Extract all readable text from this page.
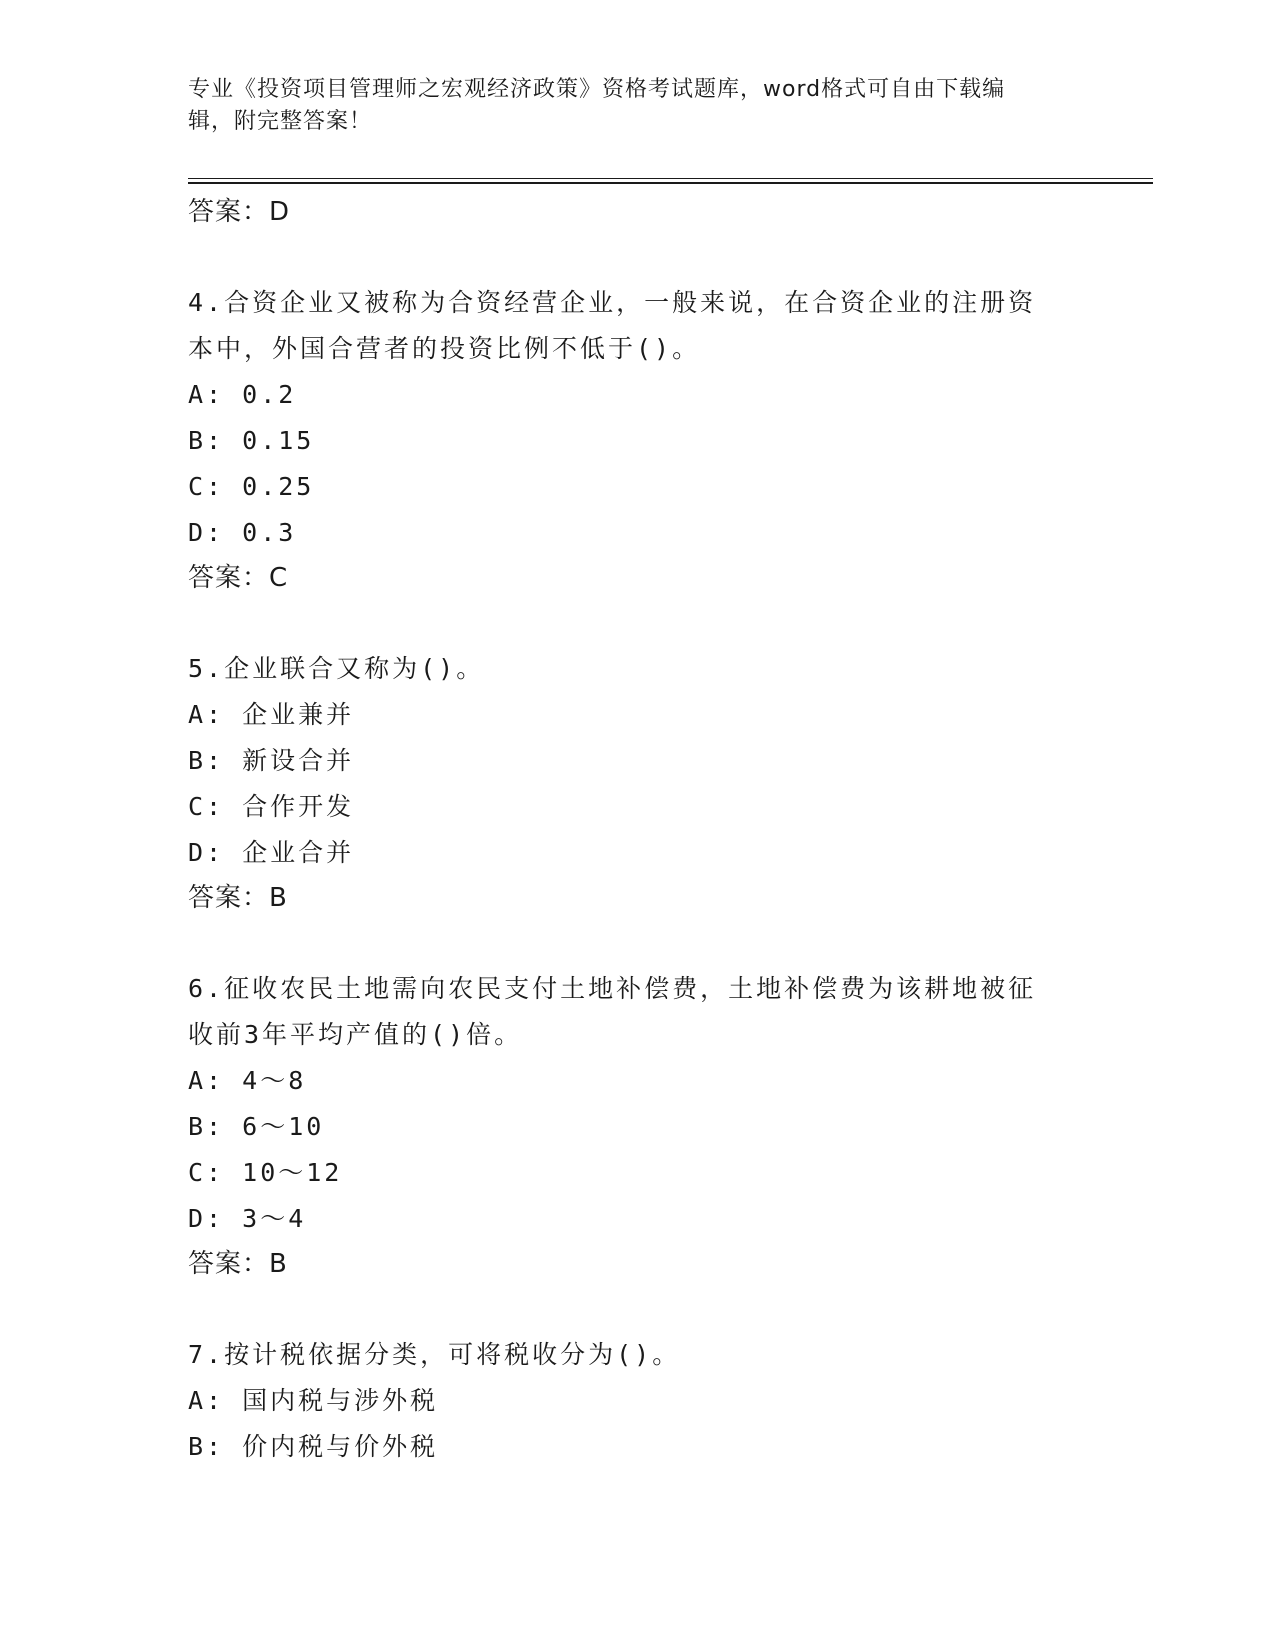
专业《投资项目管理师之宏观经济政策》资格考试题库，word格式可自由下载编
辑，附完整答案！
答案：D
4.合资企业又被称为合资经营企业，一般来说，在合资企业的注册资
本中，外国合营者的投资比例不低于()。
A: 0.2
B: 0.15
C: 0.25
D: 0.3
答案：C
5.企业联合又称为()。
A: 企业兼并
B: 新设合并
C: 合作开发
D: 企业合并
答案：B
6.征收农民土地需向农民支付土地补偿费，土地补偿费为该耕地被征
收前3年平均产值的()倍。
A: 4～8
B: 6～10
C: 10～12
D: 3～4
答案：B
7.按计税依据分类，可将税收分为()。
A: 国内税与涉外税
B: 价内税与价外税
